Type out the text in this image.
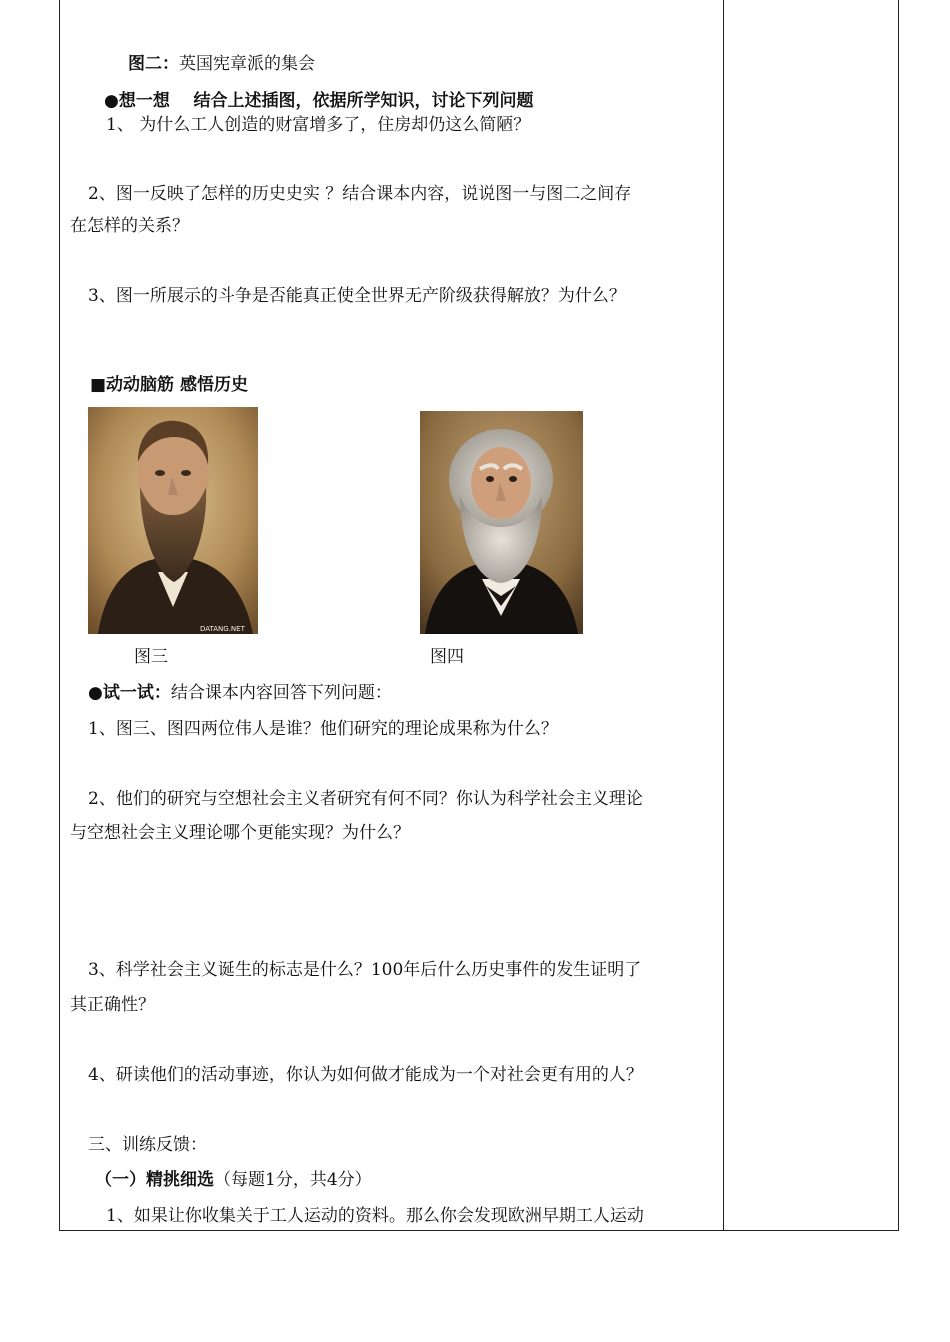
图二：英国宪章派的集会
●想一想 结合上述插图，依据所学知识，讨论下列问题
1、 为什么工人创造的财富增多了，住房却仍这么简陋？
2、图一反映了怎样的历史史实 ？结合课本内容，说说图一与图二之间存
在怎样的关系？
3、图一所展示的斗争是否能真正使全世界无产阶级获得解放？为什么？
■动动脑筋 感悟历史
DATANG.NET
图三	图四
●试一试：结合课本内容回答下列问题：
1、图三、图四两位伟人是谁？他们研究的理论成果称为什么？
2、他们的研究与空想社会主义者研究有何不同？你认为科学社会主义理论
与空想社会主义理论哪个更能实现？为什么？
3、科学社会主义诞生的标志是什么？100年后什么历史事件的发生证明了
其正确性？
4、研读他们的活动事迹，你认为如何做才能成为一个对社会更有用的人？
三、训练反馈：
（一）精挑细选（每题1分，共4分）
1、如果让你收集关于工人运动的资料。那么你会发现欧洲早期工人运动
